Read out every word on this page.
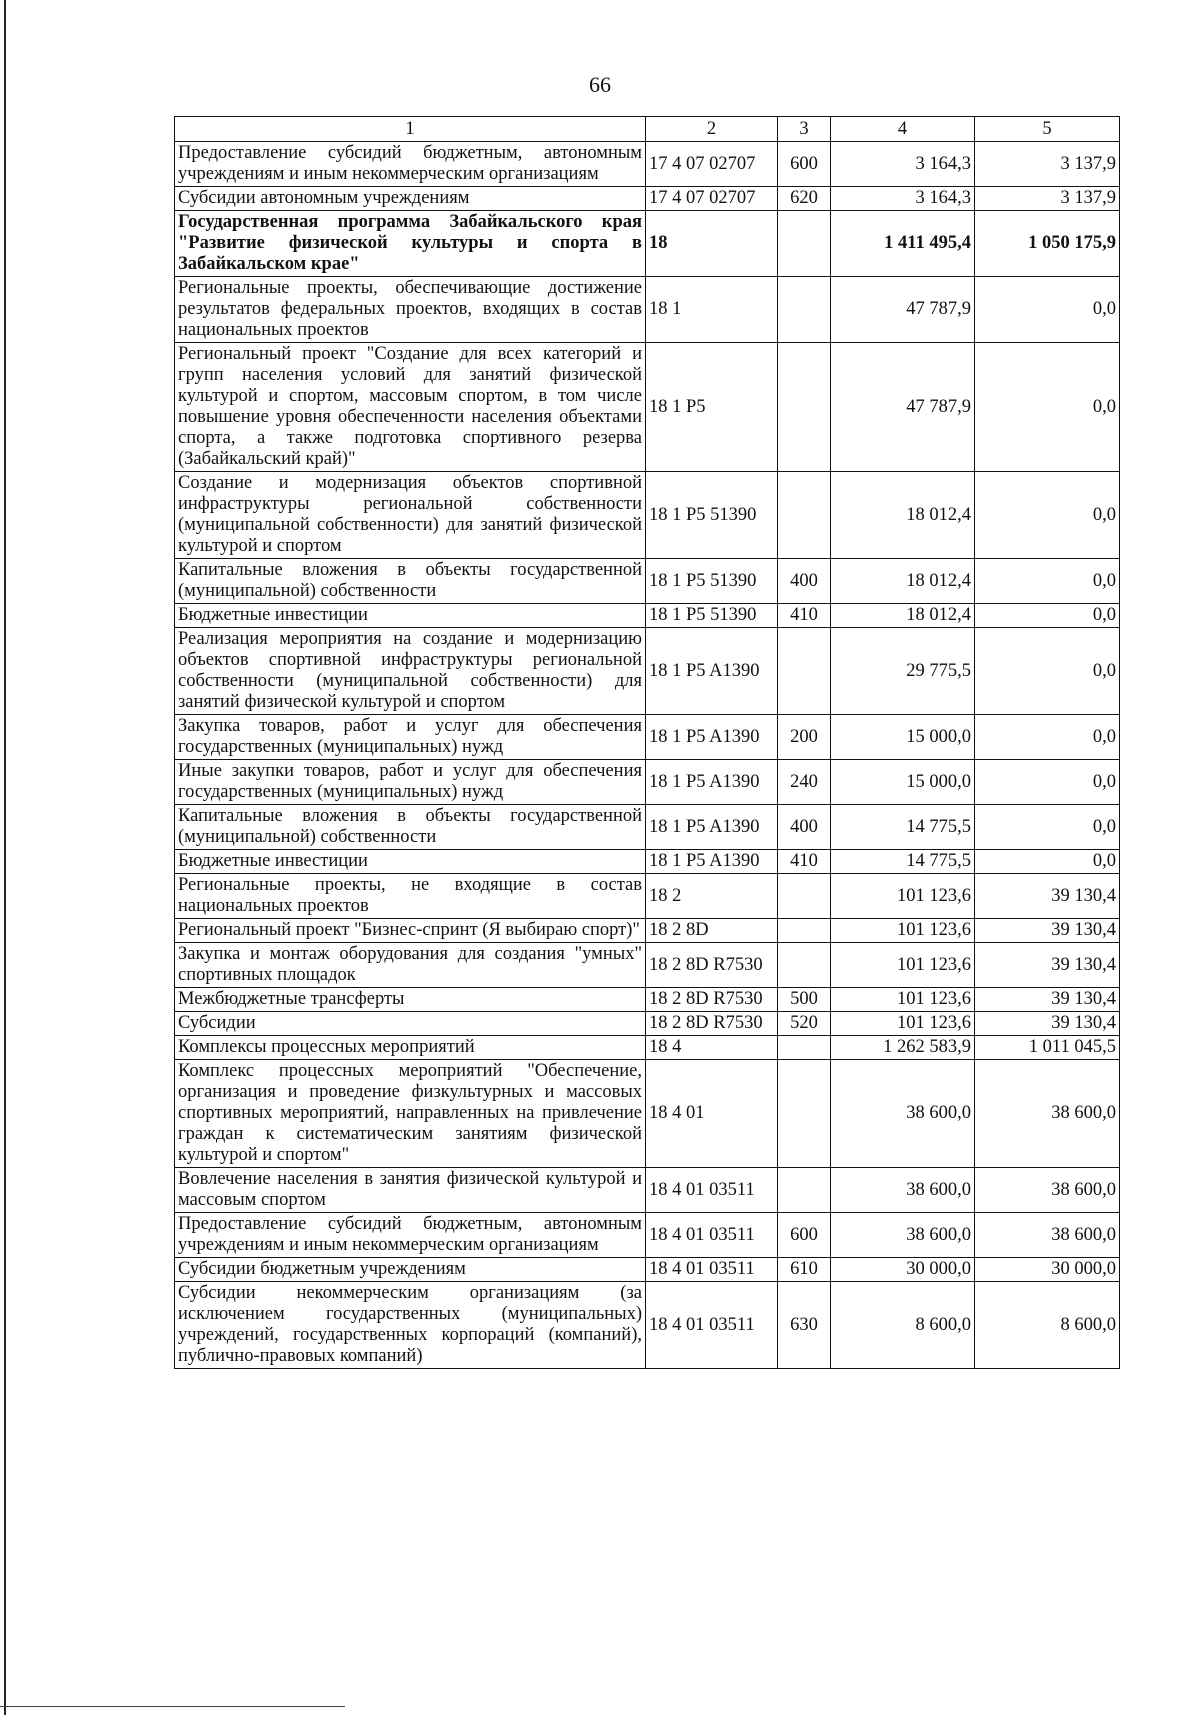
66
1	2	3	4	5
Предоставление субсидий бюджетным, автономным учреждениям и иным некоммерческим организациям	17 4 07 02707	600	3 164,3	3 137,9
Субсидии автономным учреждениям	17 4 07 02707	620	3 164,3	3 137,9
Государственная программа Забайкальского края "Развитие физической культуры и спорта в Забайкальском крае"	18		1 411 495,4	1 050 175,9
Региональные проекты, обеспечивающие достижение результатов федеральных проектов, входящих в состав национальных проектов	18 1		47 787,9	0,0
Региональный проект "Создание для всех категорий и групп населения условий для занятий физической культурой и спортом, массовым спортом, в том числе повышение уровня обеспеченности населения объектами спорта, а также подготовка спортивного резерва (Забайкальский край)"	18 1 P5		47 787,9	0,0
Создание и модернизация объектов спортивной инфраструктуры региональной собственности (муниципальной собственности) для занятий физической культурой и спортом	18 1 P5 51390		18 012,4	0,0
Капитальные вложения в объекты государственной (муниципальной) собственности	18 1 P5 51390	400	18 012,4	0,0
Бюджетные инвестиции	18 1 P5 51390	410	18 012,4	0,0
Реализация мероприятия на создание и модернизацию объектов спортивной инфраструктуры региональной собственности (муниципальной собственности) для занятий физической культурой и спортом	18 1 P5 A1390		29 775,5	0,0
Закупка товаров, работ и услуг для обеспечения государственных (муниципальных) нужд	18 1 P5 A1390	200	15 000,0	0,0
Иные закупки товаров, работ и услуг для обеспечения государственных (муниципальных) нужд	18 1 P5 A1390	240	15 000,0	0,0
Капитальные вложения в объекты государственной (муниципальной) собственности	18 1 P5 A1390	400	14 775,5	0,0
Бюджетные инвестиции	18 1 P5 A1390	410	14 775,5	0,0
Региональные проекты, не входящие в состав национальных проектов	18 2		101 123,6	39 130,4
Региональный проект "Бизнес-спринт (Я выбираю спорт)"	18 2 8D		101 123,6	39 130,4
Закупка и монтаж оборудования для создания "умных" спортивных площадок	18 2 8D R7530		101 123,6	39 130,4
Межбюджетные трансферты	18 2 8D R7530	500	101 123,6	39 130,4
Субсидии	18 2 8D R7530	520	101 123,6	39 130,4
Комплексы процессных мероприятий	18 4		1 262 583,9	1 011 045,5
Комплекс процессных мероприятий "Обеспечение, организация и проведение физкультурных и массовых спортивных мероприятий, направленных на привлечение граждан к систематическим занятиям физической культурой и спортом"	18 4 01		38 600,0	38 600,0
Вовлечение населения в занятия физической культурой и массовым спортом	18 4 01 03511		38 600,0	38 600,0
Предоставление субсидий бюджетным, автономным учреждениям и иным некоммерческим организациям	18 4 01 03511	600	38 600,0	38 600,0
Субсидии бюджетным учреждениям	18 4 01 03511	610	30 000,0	30 000,0
Субсидии некоммерческим организациям (за исключением государственных (муниципальных) учреждений, государственных корпораций (компаний), публично-правовых компаний)	18 4 01 03511	630	8 600,0	8 600,0
